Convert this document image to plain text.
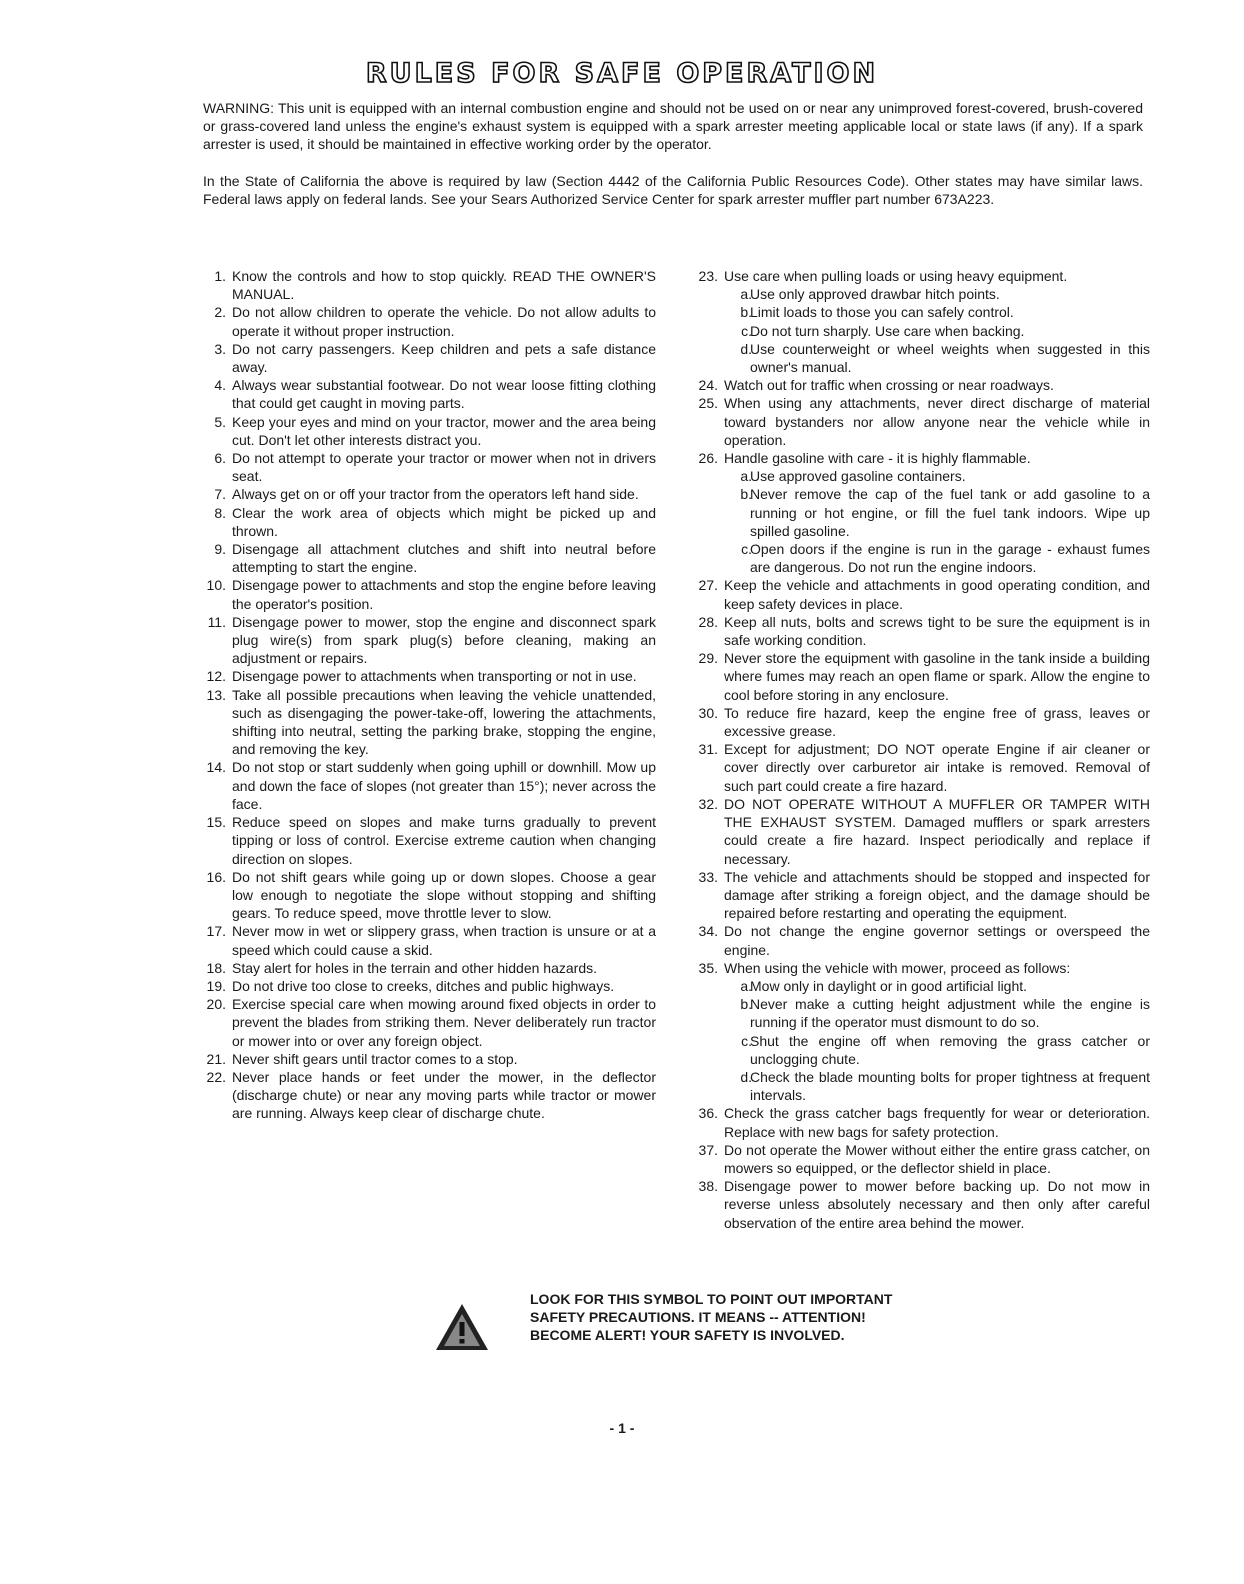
RULES FOR SAFE OPERATION

WARNING: This unit is equipped with an internal combustion engine and should not be used on or near any unimproved forest-covered, brush-covered or grass-covered land unless the engine's exhaust system is equipped with a spark arrester meeting applicable local or state laws (if any). If a spark arrester is used, it should be maintained in effective working order by the operator.

In the State of California the above is required by law (Section 4442 of the California Public Resources Code). Other states may have similar laws. Federal laws apply on federal lands. See your Sears Authorized Service Center for spark arrester muffler part number 673A223.

1. Know the controls and how to stop quickly. READ THE OWNER'S MANUAL.
2. Do not allow children to operate the vehicle. Do not allow adults to operate it without proper instruction.
3. Do not carry passengers. Keep children and pets a safe distance away.
4. Always wear substantial footwear. Do not wear loose fitting clothing that could get caught in moving parts.
5. Keep your eyes and mind on your tractor, mower and the area being cut. Don't let other interests distract you.
6. Do not attempt to operate your tractor or mower when not in drivers seat.
7. Always get on or off your tractor from the operators left hand side.
8. Clear the work area of objects which might be picked up and thrown.
9. Disengage all attachment clutches and shift into neutral before attempting to start the engine.
10. Disengage power to attachments and stop the engine before leaving the operator's position.
11. Disengage power to mower, stop the engine and disconnect spark plug wire(s) from spark plug(s) before cleaning, making an adjustment or repairs.
12. Disengage power to attachments when transporting or not in use.
13. Take all possible precautions when leaving the vehicle unattended, such as disengaging the power-take-off, lowering the attachments, shifting into neutral, setting the parking brake, stopping the engine, and removing the key.
14. Do not stop or start suddenly when going uphill or downhill. Mow up and down the face of slopes (not greater than 15°); never across the face.
15. Reduce speed on slopes and make turns gradually to prevent tipping or loss of control. Exercise extreme caution when changing direction on slopes.
16. Do not shift gears while going up or down slopes. Choose a gear low enough to negotiate the slope without stopping and shifting gears. To reduce speed, move throttle lever to slow.
17. Never mow in wet or slippery grass, when traction is unsure or at a speed which could cause a skid.
18. Stay alert for holes in the terrain and other hidden hazards.
19. Do not drive too close to creeks, ditches and public highways.
20. Exercise special care when mowing around fixed objects in order to prevent the blades from striking them. Never deliberately run tractor or mower into or over any foreign object.
21. Never shift gears until tractor comes to a stop.
22. Never place hands or feet under the mower, in the deflector (discharge chute) or near any moving parts while tractor or mower are running. Always keep clear of discharge chute.
23. Use care when pulling loads or using heavy equipment.
a.
Use only approved drawbar hitch points.
b.
Limit loads to those you can safely control.
c.
Do not turn sharply. Use care when backing.
d.
Use counterweight or wheel weights when suggested in this owner's manual.
24. Watch out for traffic when crossing or near roadways.
25. When using any attachments, never direct discharge of material toward bystanders nor allow anyone near the vehicle while in operation.
26. Handle gasoline with care - it is highly flammable.
a.
Use approved gasoline containers.
b.
Never remove the cap of the fuel tank or add gasoline to a running or hot engine, or fill the fuel tank indoors. Wipe up spilled gasoline.
c.
Open doors if the engine is run in the garage - exhaust fumes are dangerous. Do not run the engine indoors.
27. Keep the vehicle and attachments in good operating condition, and keep safety devices in place.
28. Keep all nuts, bolts and screws tight to be sure the equipment is in safe working condition.
29. Never store the equipment with gasoline in the tank inside a building where fumes may reach an open flame or spark. Allow the engine to cool before storing in any enclosure.
30. To reduce fire hazard, keep the engine free of grass, leaves or excessive grease.
31. Except for adjustment; DO NOT operate Engine if air cleaner or cover directly over carburetor air intake is removed. Removal of such part could create a fire hazard.
32. DO NOT OPERATE WITHOUT A MUFFLER OR TAMPER WITH THE EXHAUST SYSTEM. Damaged mufflers or spark arresters could create a fire hazard. Inspect periodically and replace if necessary.
33. The vehicle and attachments should be stopped and inspected for damage after striking a foreign object, and the damage should be repaired before restarting and operating the equipment.
34. Do not change the engine governor settings or overspeed the engine.
35. When using the vehicle with mower, proceed as follows:
a.
Mow only in daylight or in good artificial light.
b.
Never make a cutting height adjustment while the engine is running if the operator must dismount to do so.
c.
Shut the engine off when removing the grass catcher or unclogging chute.
d.
Check the blade mounting bolts for proper tightness at frequent intervals.
36. Check the grass catcher bags frequently for wear or deterioration. Replace with new bags for safety protection.
37. Do not operate the Mower without either the entire grass catcher, on mowers so equipped, or the deflector shield in place.
38. Disengage power to mower before backing up. Do not mow in reverse unless absolutely necessary and then only after careful observation of the entire area behind the mower.

LOOK FOR THIS SYMBOL TO POINT OUT IMPORTANT
SAFETY PRECAUTIONS. IT MEANS -- ATTENTION!
BECOME ALERT! YOUR SAFETY IS INVOLVED.

- 1 -
